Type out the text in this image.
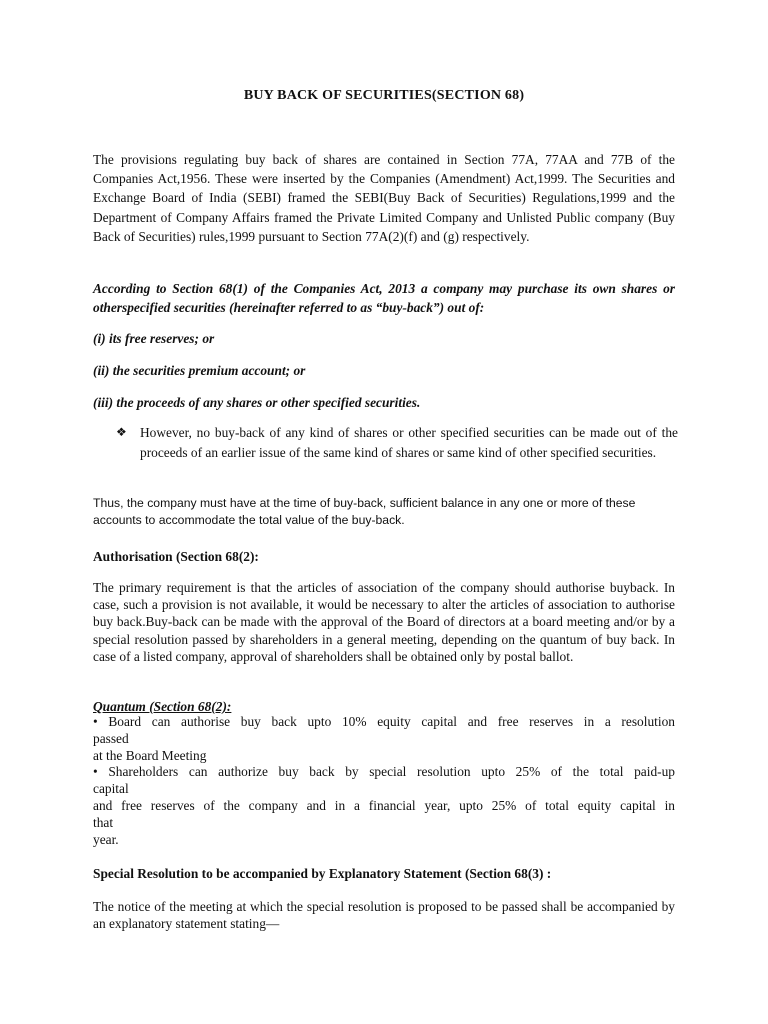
BUY BACK OF SECURITIES(SECTION 68)

The provisions regulating buy back of shares are contained in Section 77A, 77AA and 77B of the Companies Act,1956. These were inserted by the Companies (Amendment) Act,1999. The Securities and Exchange Board of India (SEBI) framed the SEBI(Buy Back of Securities) Regulations,1999 and the Department of Company Affairs framed the Private Limited Company and Unlisted Public company (Buy Back of Securities) rules,1999 pursuant to Section 77A(2)(f) and (g) respectively.

According to Section 68(1) of the Companies Act, 2013 a company may purchase its own shares or otherspecified securities (hereinafter referred to as “buy-back”) out of:

(i) its free reserves; or

(ii) the securities premium account; or

(iii) the proceeds of any shares or other specified securities.

❖ However, no buy-back of any kind of shares or other specified securities can be made out of the proceeds of an earlier issue of the same kind of shares or same kind of other specified securities.

Thus, the company must have at the time of buy-back, sufficient balance in any one or more of these accounts to accommodate the total value of the buy-back.

Authorisation (Section 68(2):

The primary requirement is that the articles of association of the company should authorise buyback. In case, such a provision is not available, it would be necessary to alter the articles of association to authorise buy back.Buy-back can be made with the approval of the Board of directors at a board meeting and/or by a special resolution passed by shareholders in a general meeting, depending on the quantum of buy back. In case of a listed company, approval of shareholders shall be obtained only by postal ballot.

Quantum (Section 68(2):

• Board can authorise buy back upto 10% equity capital and free reserves in a resolution
passed
at the Board Meeting
• Shareholders can authorize buy back by special resolution upto 25% of the total paid-up
capital
and free reserves of the company and in a financial year, upto 25% of total equity capital in
that
year.

Special Resolution to be accompanied by Explanatory Statement (Section 68(3) :

The notice of the meeting at which the special resolution is proposed to be passed shall be accompanied by an explanatory statement stating—
